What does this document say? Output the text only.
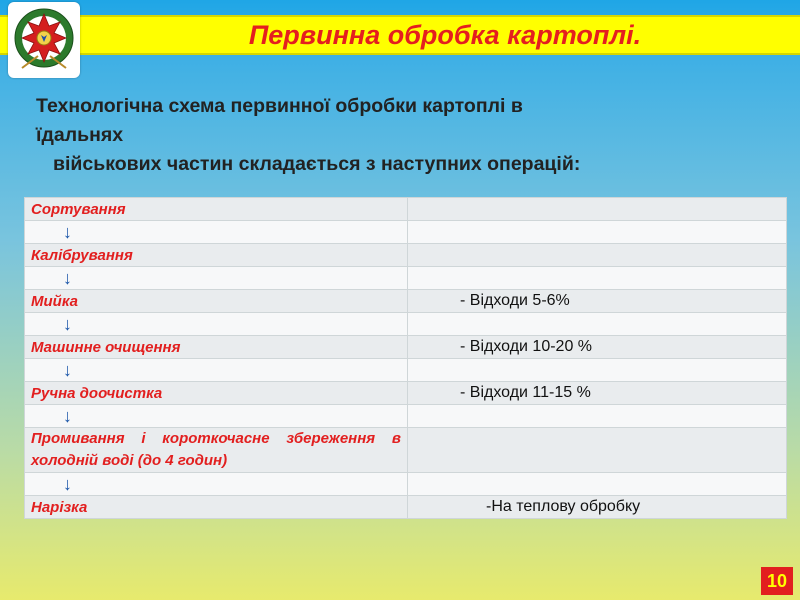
Первинна обробка картоплі.
Технологічна схема первинної обробки картоплі в
їдальнях

військових частин складається з наступних операцій:
Сортування	
↓	
Калібрування	
↓	
Мийка	- Відходи 5-6%
↓	
Машинне очищення	- Відходи 10-20 %
↓	
Ручна доочистка	- Відходи 11-15 %
↓	
Промивання і короткочасне збереження в холодній воді (до 4 годин)	
↓	
Нарізка	-На теплову обробку
10
